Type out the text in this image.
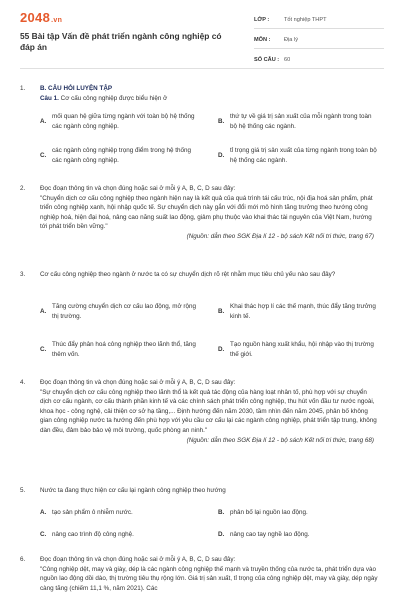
2048.vn
55 Bài tập Vấn đề phát triển ngành công nghiệp có đáp án
LỚP :	Tốt nghiệp THPT
MÔN : Địa lý
SỐ CÂU : 60
1. B. CÂU HỎI LUYỆN TẬP
Câu 1. Cơ cấu công nghiệp được biểu hiện ở
A.
mối quan hệ giữa từng ngành với toàn bộ hệ thống các ngành công nghiệp.
B.
thứ tự về giá trị sản xuất của mỗi ngành trong toàn bộ hệ thống các ngành.
C.
các ngành công nghiệp trọng điểm trong hệ thống các ngành công nghiệp.
D.
tỉ trọng giá trị sản xuất của từng ngành trong toàn bộ hệ thống các ngành.
2. Đọc đoạn thông tin và chọn đúng hoặc sai ở mỗi ý A, B, C, D sau đây:
"Chuyển dịch cơ cấu công nghiệp theo ngành hiện nay là kết quả của quá trình tái cấu trúc, nội địa hoá sản phẩm, phát triển công nghiệp xanh, hội nhập quốc tế. Sự chuyển dịch này gắn với đổi mới mô hình tăng trưởng theo hướng công nghiệp hoá, hiện đại hoá, nâng cao năng suất lao động, giảm phụ thuộc vào khai thác tài nguyên của Việt Nam, hướng tới phát triển bền vững."
(Nguồn: dẫn theo SGK Địa lí 12 - bộ sách Kết nối tri thức, trang 67)
3. Cơ cấu công nghiệp theo ngành ở nước ta có sự chuyển dịch rõ rệt nhằm mục tiêu chủ yếu nào sau đây?
A.
Tăng cường chuyển dịch cơ cấu lao động, mở rộng thị trường.
B.
Khai thác hợp lí các thế mạnh, thúc đẩy tăng trưởng kinh tế.
C.
Thúc đẩy phân hoá công nghiệp theo lãnh thổ, tăng thêm vốn.
D.
Tạo nguồn hàng xuất khẩu, hội nhập vào thị trường thế giới.
4. Đọc đoạn thông tin và chọn đúng hoặc sai ở mỗi ý A, B, C, D sau đây:
"Sự chuyển dịch cơ cấu công nghiệp theo lãnh thổ là kết quả tác động của hàng loạt nhân tố, phù hợp với sự chuyển dịch cơ cấu ngành, cơ cấu thành phần kinh tế và các chính sách phát triển công nghiệp, thu hút vốn đầu tư nước ngoài, khoa học - công nghệ, cải thiện cơ sở hạ tầng,... Định hướng đến năm 2030, tầm nhìn đến năm 2045, phân bố không gian công nghiệp nước ta hướng đến phù hợp với yêu cầu cơ cấu lại các ngành công nghiệp, phát triển tập trung, không dàn đều, đảm bảo bảo vệ môi trường, quốc phòng an ninh."
(Nguồn: dẫn theo SGK Địa lí 12 - bộ sách Kết nối tri thức, trang 68)
5. Nước ta đang thực hiện cơ cấu lại ngành công nghiệp theo hướng
A. tạo sản phẩm ô nhiễm nước.	B. phân bố lại nguồn lao động.
C. nâng cao trình độ công nghệ.	D. nâng cao tay nghề lao động.
6. Đọc đoạn thông tin và chọn đúng hoặc sai ở mỗi ý A, B, C, D sau đây:
"Công nghiệp dệt, may và giày, dép là các ngành công nghiệp thế mạnh và truyền thống của nước ta, phát triển dựa vào nguồn lao động dồi dào, thị trường tiêu thụ rộng lớn. Giá trị sản xuất, tỉ trọng của công nghiệp dệt, may và giày, dép ngày càng tăng (chiếm 11,1 %, năm 2021). Các
